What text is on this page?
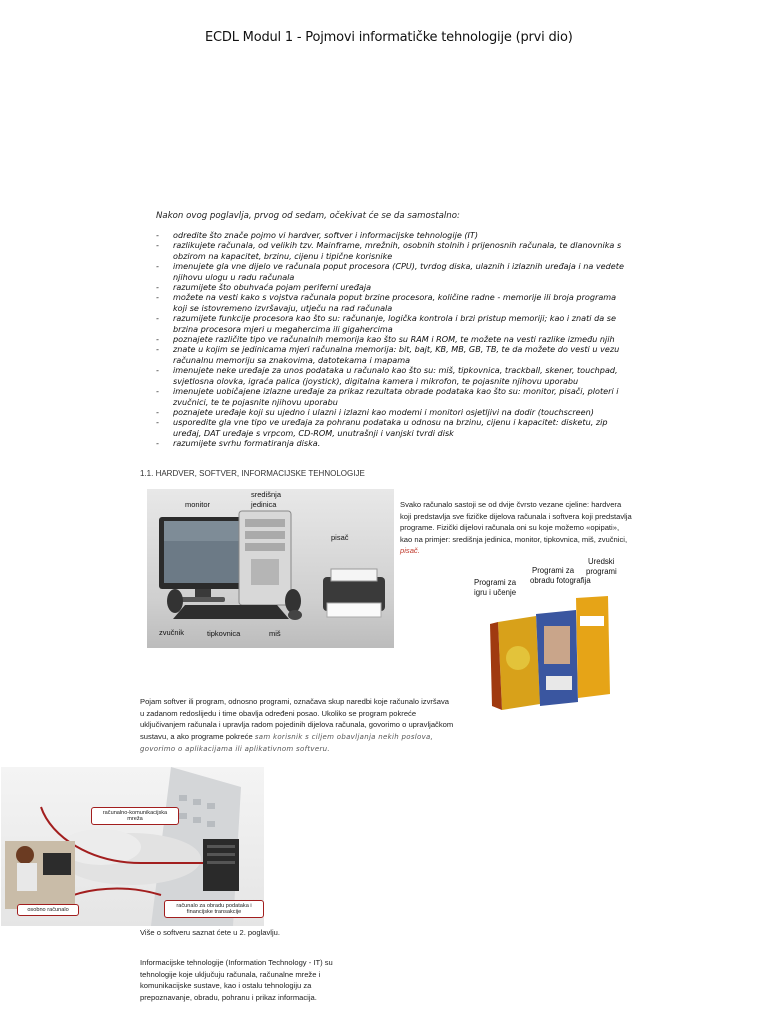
ECDL Modul 1 - Pojmovi informatičke tehnologije (prvi dio)
Nakon ovog poglavlja, prvog od sedam, očekivat će se da samostalno:
- odredite što znače pojmo vi hardver, softver i informacijske tehnologije (IT)
- razlikujete računala, od velikih tzv. Mainframe, mrežnih, osobnih stolnih i prijenosnih računala, te dlanovnika s obzirom na kapacitet, brzinu, cijenu i tipične korisnike
- imenujete gla vne dijelo ve računala poput procesora (CPU), tvrdog diska, ulaznih i izlaznih uređaja i na vedete njihovu ulogu u radu računala
- razumijete što obuhvaća pojam periferni uređaja
- možete na vesti kako s vojstva računala poput brzine procesora, količine radne - memorije ili broja programa koji se istovremeno izvršavaju, utječu na rad računala
- razumijete funkcije procesora kao što su: računanje, logička kontrola i brzi pristup memoriji; kao i znati da se brzina procesora mjeri u megahercima ili gigahercima
- poznajete različite tipo ve računalnih memorija kao što su RAM i ROM, te možete na vesti razlike između njih
- znate u kojim se jedinicama mjeri računalna memorija: bit, bajt, KB, MB, GB, TB, te da možete do vesti u vezu računalnu memoriju sa znakovima, datotekama i mapama
- imenujete neke uređaje za unos podataka u računalo kao što su: miš, tipkovnica, trackball, skener, touchpad, svjetlosna olovka, igraća palica (joystick), digitalna kamera i mikrofon, te pojasnite njihovu uporabu
- imenujete uobičajene izlazne uređaje za prikaz rezultata obrade podataka kao što su: monitor, pisači, ploteri i zvučnici, te te pojasnite njihovu uporabu
- poznajete uređaje koji su ujedno i ulazni i izlazni kao modemi i monitori osjetljivi na dodir (touchscreen)
- usporedite gla vne tipo ve uređaja za pohranu podataka u odnosu na brzinu, cijenu i kapacitet: disketu, zip uređaj, DAT uređaje s vrpcom, CD-ROM, unutrašnji i vanjski tvrdi disk
- razumijete svrhu formatiranja diska.
1.1. HARDVER, SOFTVER, INFORMACIJSKE TEHNOLOGIJE
monitor
središnja
jedinica
pisač
zvučnik	tipkovnica	miš
Svako računalo sastoji se od dvije čvrsto vezane cjeline: hardvera koji predstavlja sve fizičke dijelova računala i softvera koji predstavlja programe. Fizički dijelovi računala oni su koje možemo «opipati», kao na primjer: središnja jedinica, monitor, tipkovnica, miš, zvučnici, pisač.
Programi za
igru i učenje
Programi za
obradu fotografija
Uredski
programi
Pojam softver ili program, odnosno programi, označava skup naredbi koje računalo izvršava u zadanom redoslijedu i time obavlja određeni posao. Ukoliko se program pokreće uključivanjem računala i upravlja radom pojedinih dijelova računala, govorimo o upravljačkom sustavu, a ako programe pokreće sam korisnik s ciljem obavljanja nekih poslova, govorimo o aplikacijama ili aplikativnom softveru.
računalno-komunikacijska mreža
osobno računalo
računalo za obradu podataka i financijske transakcije
Više o softveru saznat ćete u 2. poglavlju.
Informacijske tehnologije (Information Technology - IT) su tehnologije koje uključuju računala, računalne mreže i komunikacijske sustave, kao i ostalu tehnologiju za prepoznavanje, obradu, pohranu i prikaz informacija.
